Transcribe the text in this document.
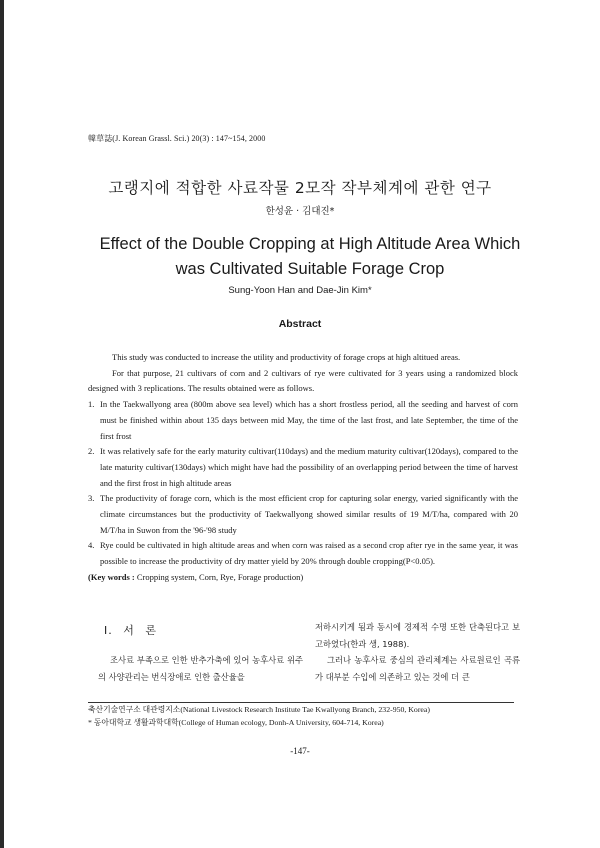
韓草誌(J. Korean Grassl. Sci.) 20(3) : 147~154, 2000
고랭지에 적합한 사료작물 2모작 작부체계에 관한 연구
한성윤 · 김대진*
Effect of the Double Cropping at High Altitude Area Which
was Cultivated Suitable Forage Crop
Sung-Yoon Han and Dae-Jin Kim*
Abstract

This study was conducted to increase the utility and productivity of forage crops at high altitued areas.

For that purpose, 21 cultivars of corn and 2 cultivars of rye were cultivated for 3 years using a randomized block designed with 3 replications. The results obtained were as follows.

1. In the Taekwallyong area (800m above sea level) which has a short frostless period, all the seeding and harvest of corn must be finished within about 135 days between mid May, the time of the last frost, and late September, the time of the first frost
2. It was relatively safe for the early maturity cultivar(110days) and the medium maturity cultivar(120days), compared to the late maturity cultivar(130days) which might have had the possibility of an overlapping period between the time of harvest and the first frost in high altitude areas
3. The productivity of forage corn, which is the most efficient crop for capturing solar energy, varied significantly with the climate circumstances but the productivity of Taekwallyong showed similar results of 19 M/T/ha, compared with 20 M/T/ha in Suwon from the '96-'98 study
4. Rye could be cultivated in high altitude areas and when corn was raised as a second crop after rye in the same year, it was possible to increase the productivity of dry matter yield by 20% through double cropping(P<0.05).

(Key words : Cropping system, Corn, Rye, Forage production)

Ⅰ. 서 론

조사료 부족으로 인한 반추가축에 있어 농후사료 위주의 사양관리는 번식장애로 인한 출산율을

저하시키게 됨과 동시에 경제적 수명 또한 단축된다고 보고하였다(한과 생, 1988).

그러나 농후사료 중심의 관리체계는 사료원료인 곡류가 대부분 수입에 의존하고 있는 것에 더 큰

축산기술연구소 대관령지소(National Livestock Research Institute Tae Kwallyong Branch, 232-950, Korea)
* 동아대학교 생활과학대학(College of Human ecology, Donh-A University, 604-714, Korea)
-147-
